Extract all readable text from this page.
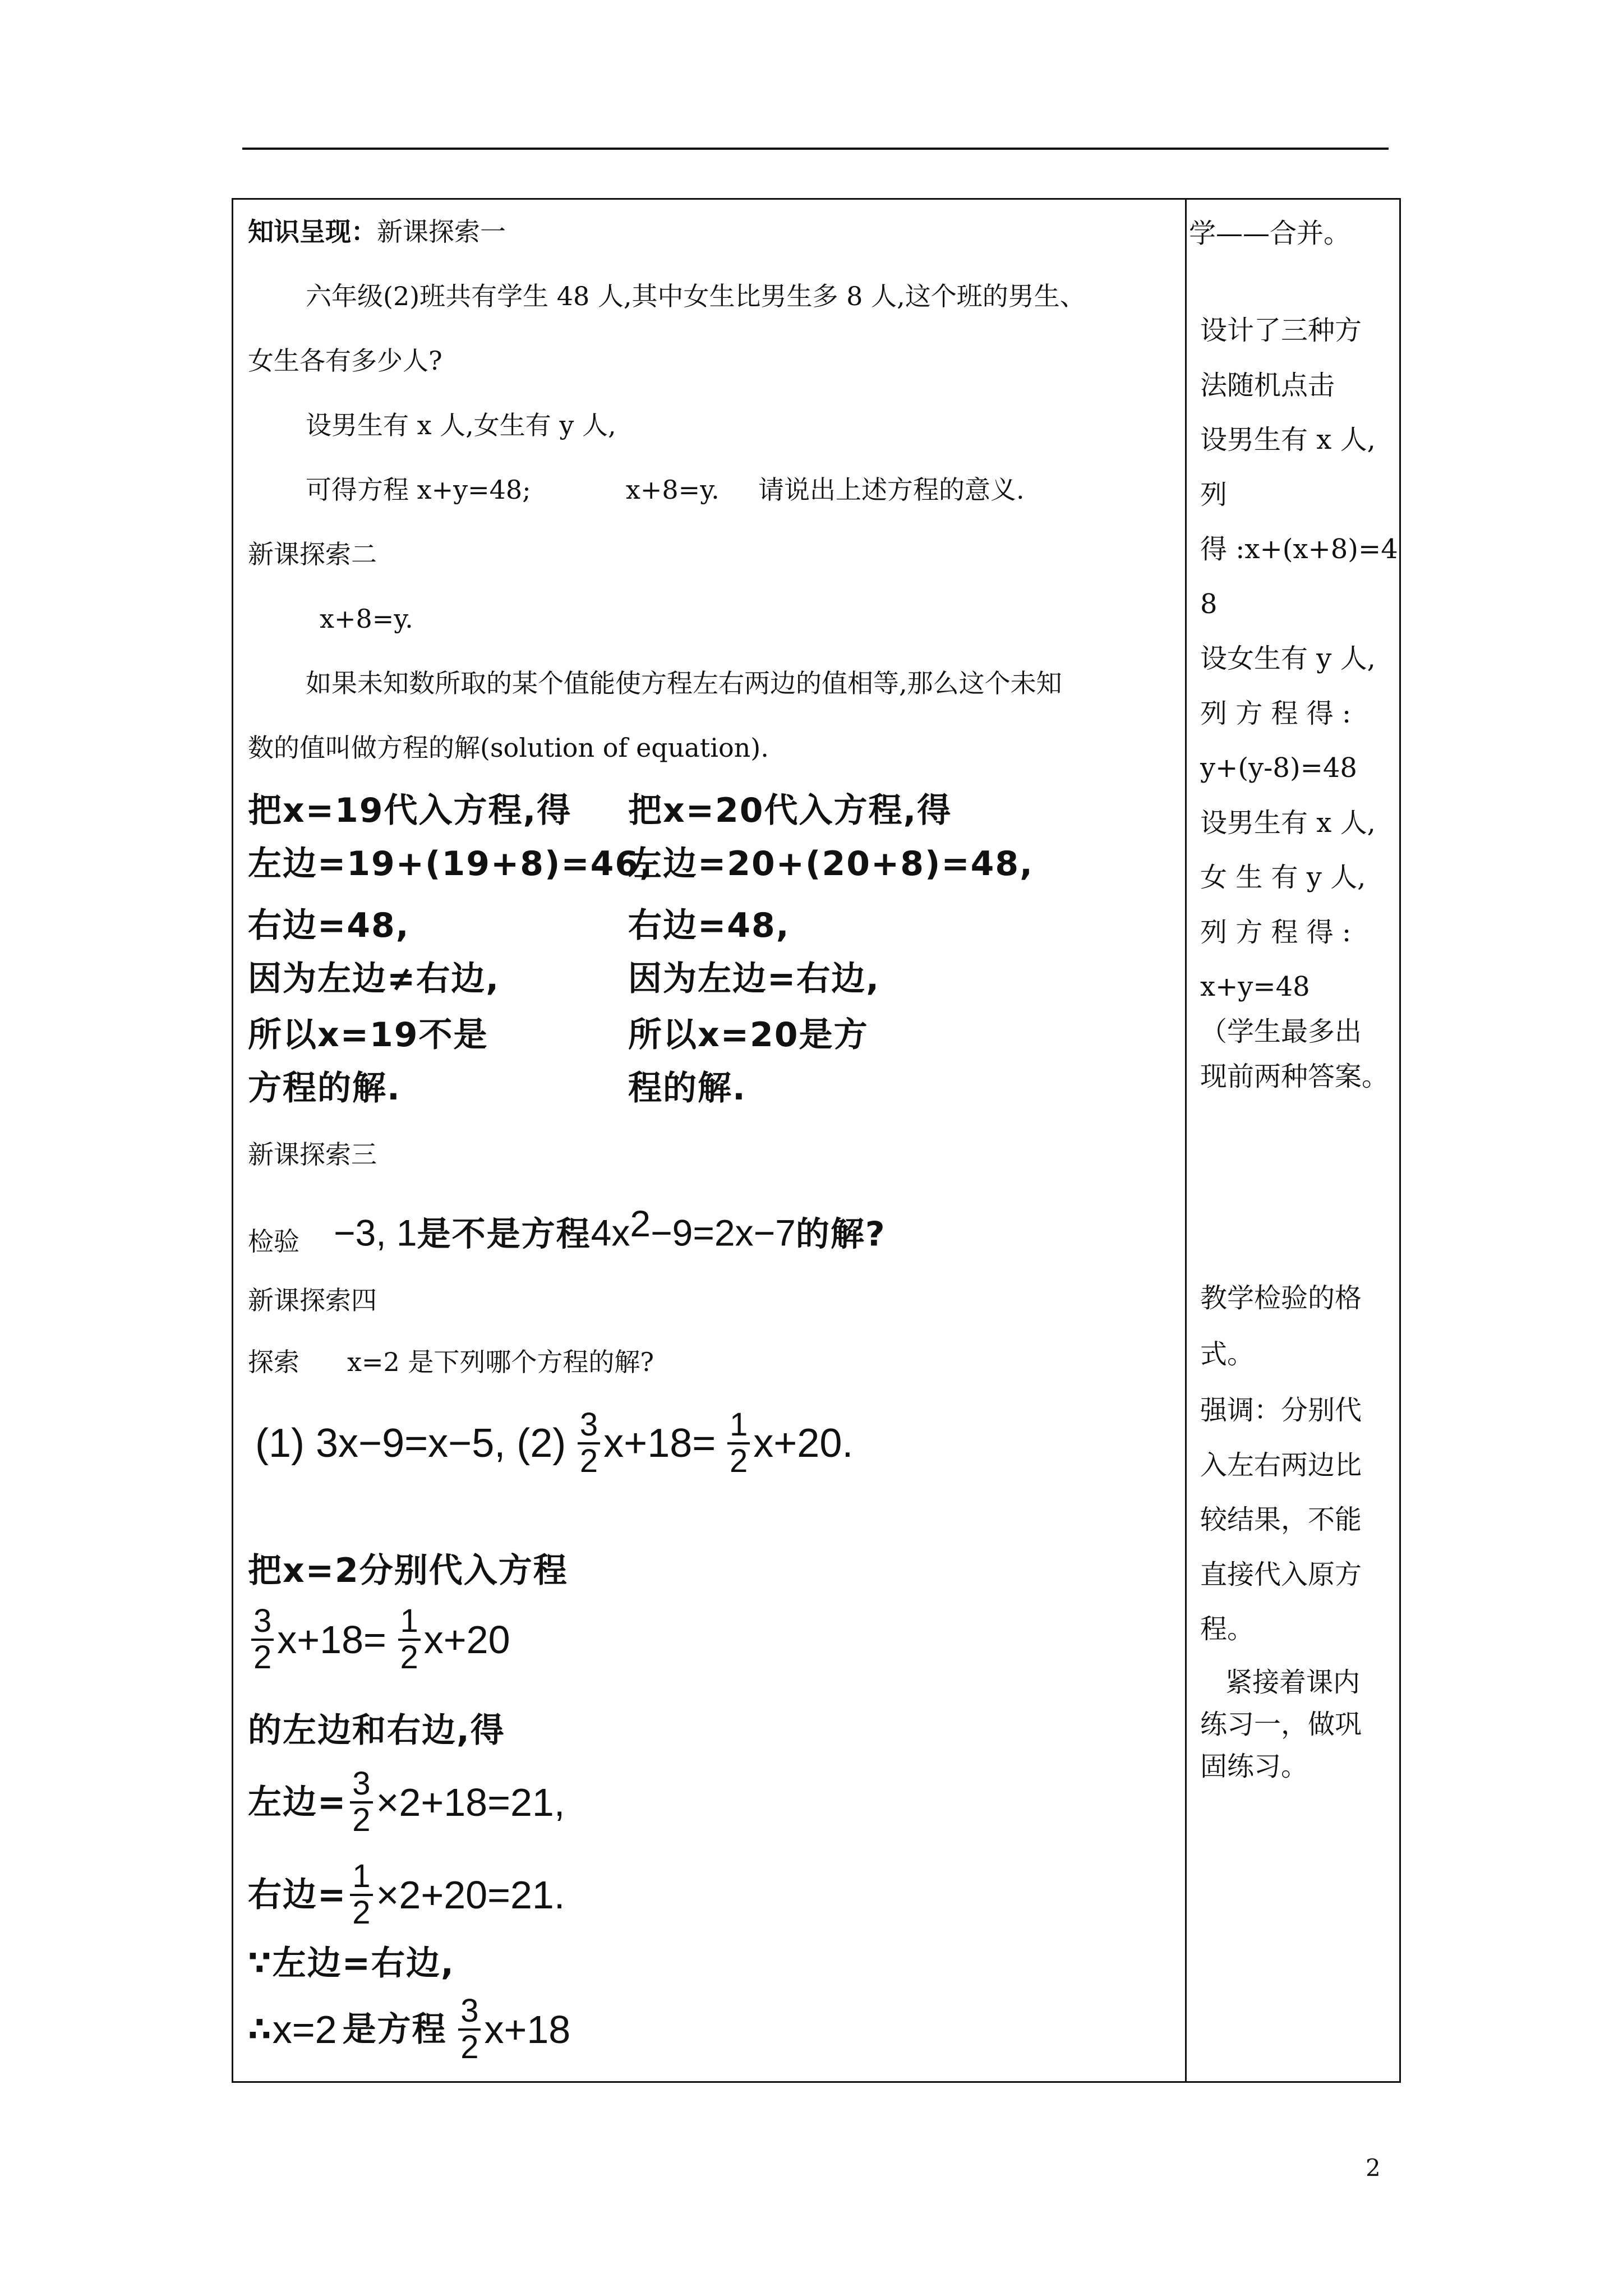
知识呈现：新课探索一
六年级(2)班共有学生 48 人,其中女生比男生多 8 人,这个班的男生、
女生各有多少人?
设男生有 x 人,女生有 y 人,
可得方程 x+y=48;	x+8=y. 请说出上述方程的意义.
新课探索二
x+8=y.
如果未知数所取的某个值能使方程左右两边的值相等,那么这个未知
数的值叫做方程的解(solution of equation).
把x=19代入方程,得
左边=19+(19+8)=46,
右边=48,
因为左边=右边,
所以x=19不是
方程的解.
把x=20代入方程,得
左边=20+(20+8)=48,
右边=48,
因为左边=右边,
所以x=20是方
程的解.
新课探索三
检验 −3, 1是不是方程$4x^2-9=2x-7$的解?
新课探索四
探索 x=2 是下列哪个方程的解?
(1) 3x−9=x−5, $(2) \frac{3}{2} x+18= \frac{1}{2} x+20$.
把x=2分别代入方程
$\frac{3}{2} x+18= \frac{1}{2} x+20$
的左边和右边,得
左边= $\frac{3}{2} \times 2+18=21$,
右边= $\frac{1}{2} \times 2+20=21$.
∵左边=右边,
∴x=2 是方程 $\frac{3}{2} x+18$
学——合并。
设计了三种方
法随机点击
设男生有 x 人,
列
得 :x+(x+8)=4
8
设女生有 y 人,
列 方 程 得 :
y+(y-8)=48
设男生有 x 人,
女 生 有 y 人,
列 方 程 得 :
x+y=48
（学生最多出
现前两种答案。
教学检验的格
式。
强调：分别代
入左右两边比
较结果，不能
直接代入原方
程。
紧接着课内
练习一，做巩
固练习。
2
